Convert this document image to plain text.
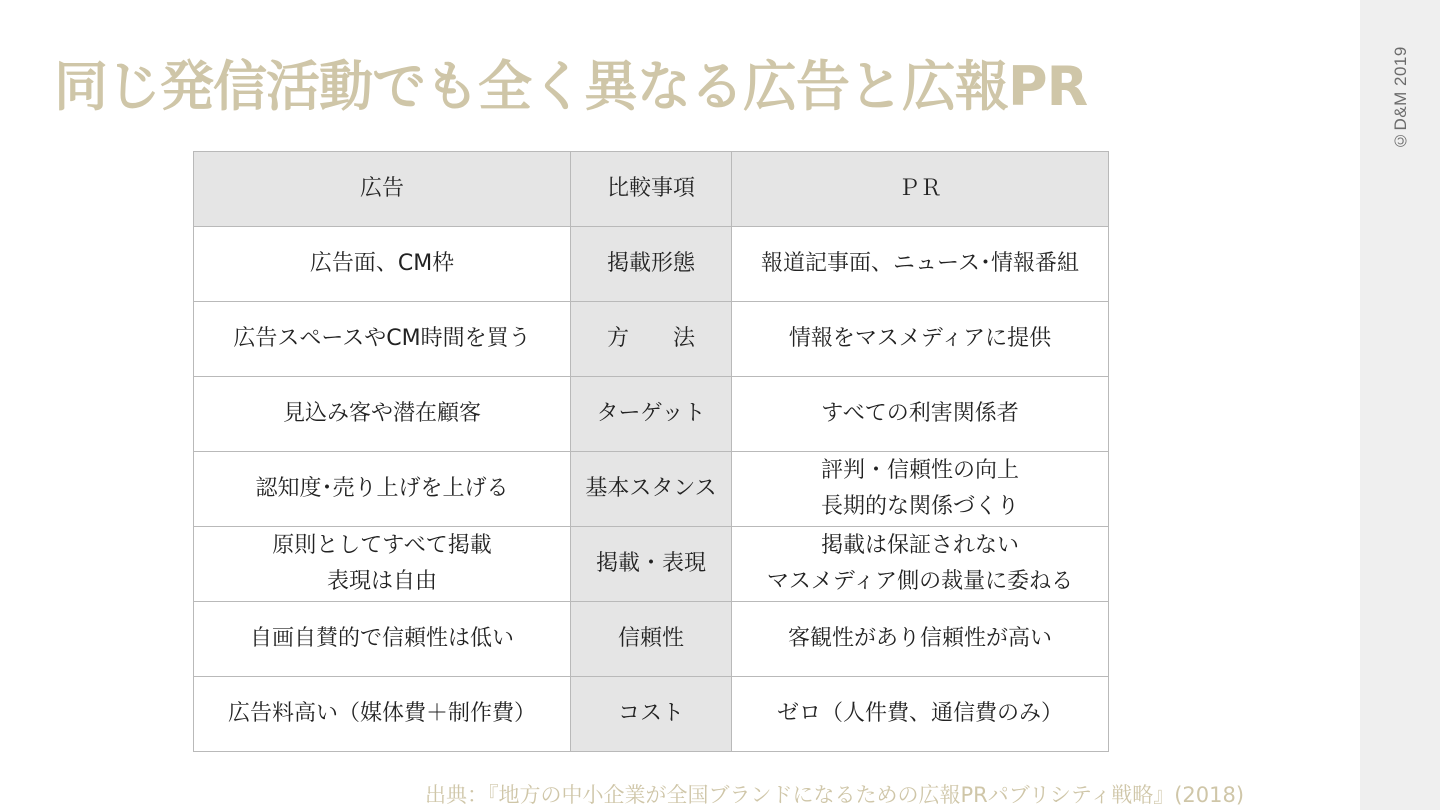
©D&M 2019
同じ発信活動でも全く異なる広告と広報PR
広告	比較事項	ＰＲ

広告面、CM枠	掲載形態	報道記事面、ニュース･情報番組

広告スペースやCM時間を買う	方　　法	情報をマスメディアに提供

見込み客や潜在顧客	ターゲット	すべての利害関係者

認知度･売り上げを上げる	基本スタンス	評判・信頼性の向上
長期的な関係づくり

原則としてすべて掲載
表現は自由	掲載・表現	掲載は保証されない
マスメディア側の裁量に委ねる

自画自賛的で信頼性は低い	信頼性	客観性があり信頼性が高い

広告料高い（媒体費＋制作費）	コスト	ゼロ（人件費、通信費のみ）
出典：『地方の中小企業が全国ブランドになるための広報PRパブリシティ戦略』(2018)
